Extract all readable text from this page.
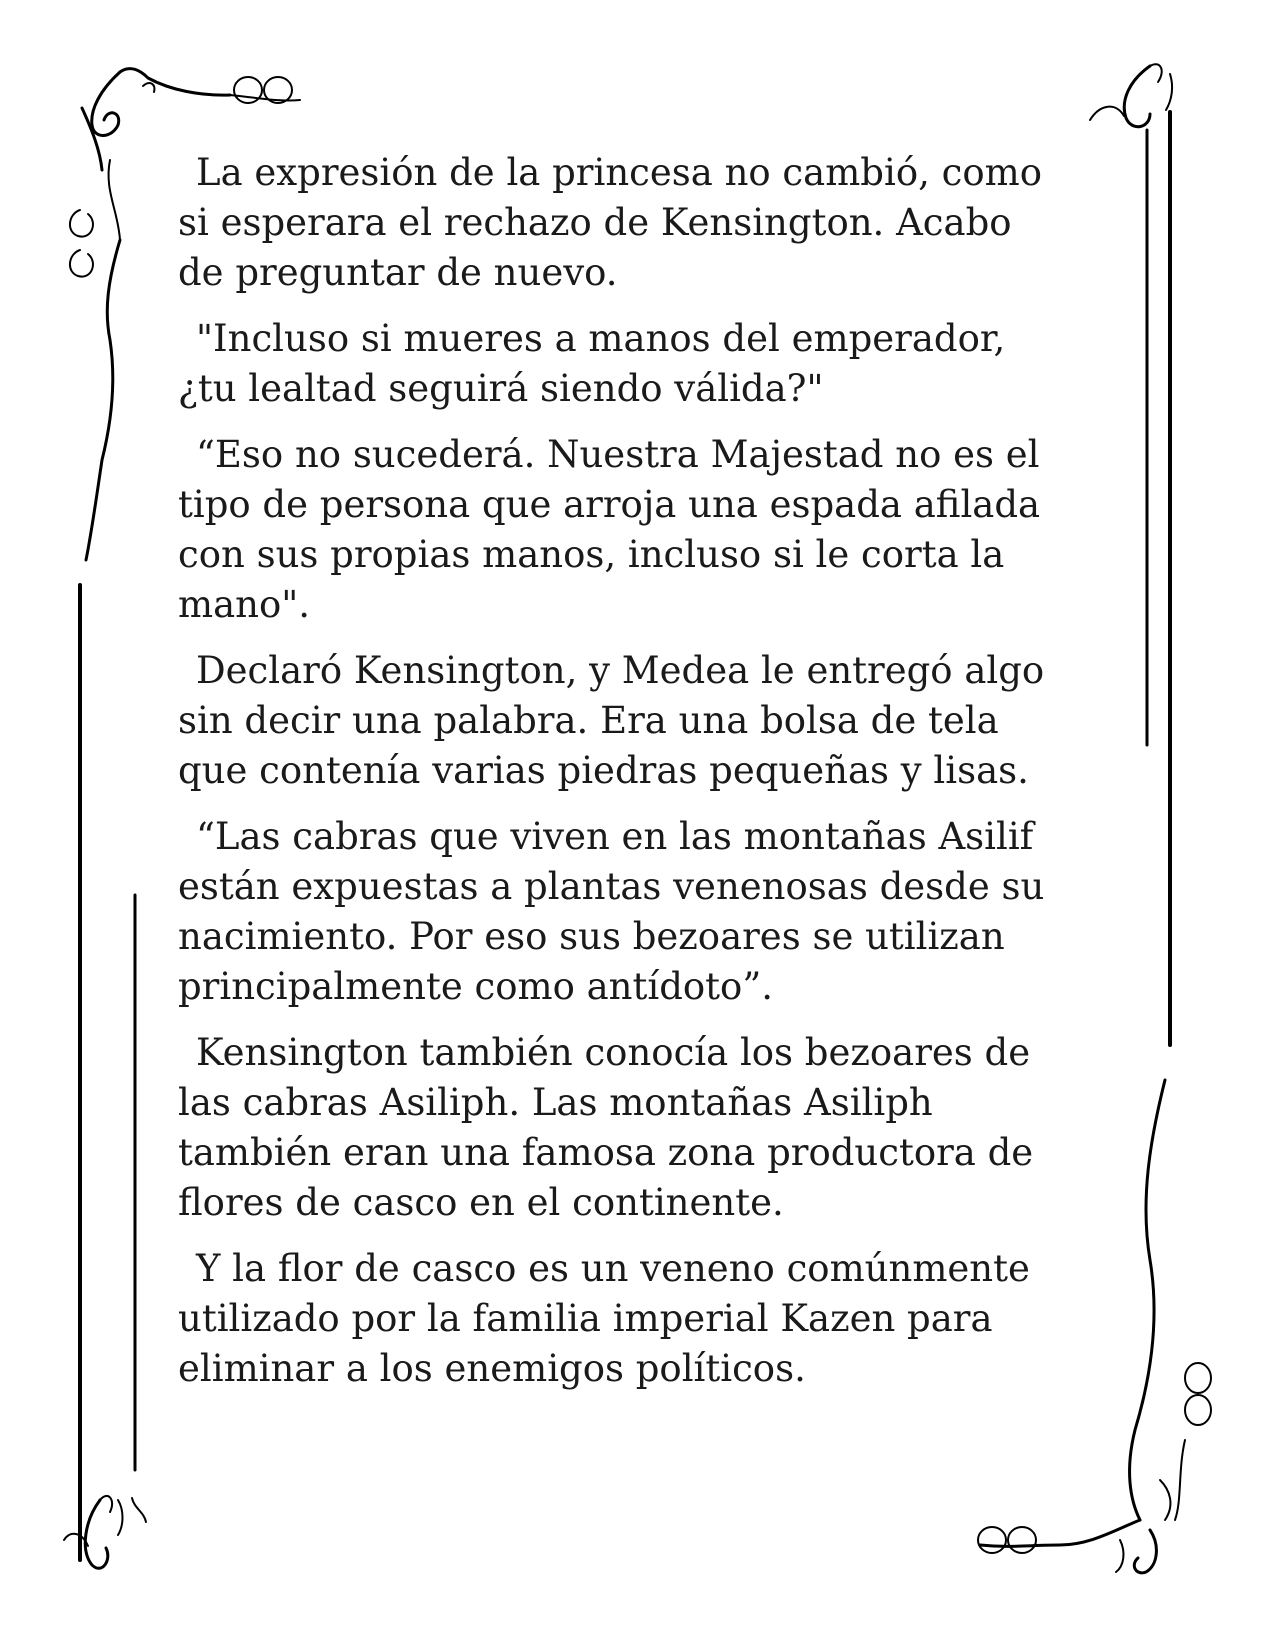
La expresión de la princesa no cambió, como si esperara el rechazo de Kensington. Acabo de preguntar de nuevo.

"Incluso si mueres a manos del emperador, ¿tu lealtad seguirá siendo válida?"

“Eso no sucederá. Nuestra Majestad no es el tipo de persona que arroja una espada afilada con sus propias manos, incluso si le corta la mano".

Declaró Kensington, y Medea le entregó algo sin decir una palabra. Era una bolsa de tela que contenía varias piedras pequeñas y lisas.

“Las cabras que viven en las montañas Asilif están expuestas a plantas venenosas desde su nacimiento. Por eso sus bezoares se utilizan principalmente como antídoto”.

Kensington también conocía los bezoares de las cabras Asiliph. Las montañas Asiliph también eran una famosa zona productora de flores de casco en el continente.

Y la flor de casco es un veneno comúnmente utilizado por la familia imperial Kazen para eliminar a los enemigos políticos.
